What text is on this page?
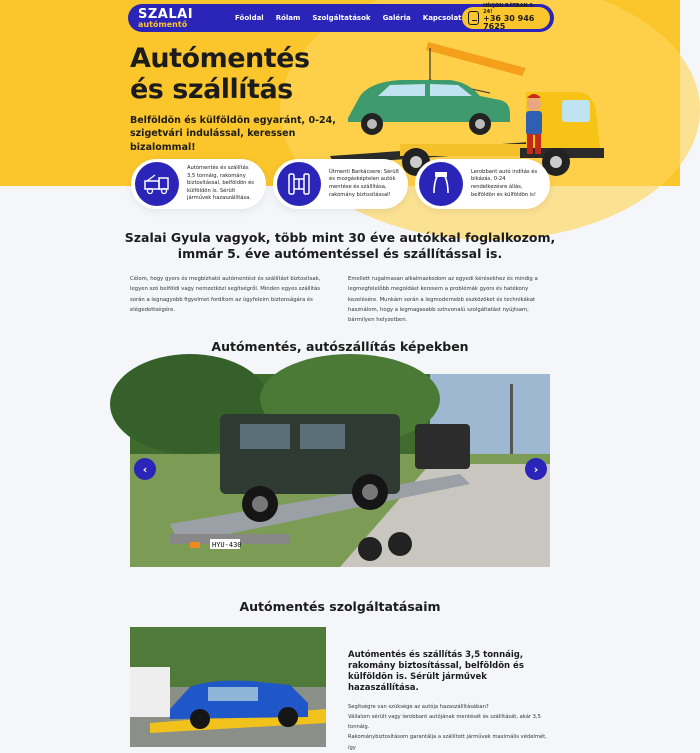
SZALAI
autómentő
Főoldal Rólam Szolgáltatások Galéria Kapcsolat
HÍVJON BÁTRAN 0-24!
+36 30 946 7625
Autómentés
és szállítás
Belföldön és külföldön egyaránt, 0-24, szigetvári indulással, keressen bizalommal!
Autómentés és szállítás 3,5 tonnáig, rakomány biztosítással, belföldön és külföldön is. Sérült járművek hazaszállítása.
Útmenti Barkácsere: Sérült és mozgásképtelen autók mentése és szállítása, rakomány biztosítással!
Lerobbant autó indítás és bikázás, 0-24 rendelkezésre állás, belföldön és külföldön is!
Szalai Gyula vagyok, több mint 30 éve autókkal foglalkozom, immár 5. éve autómentéssel és szállítással is.
Célom, hogy gyors és megbízható autómentést és szállítást biztosítsak, legyen szó belföldi vagy nemzetközi segítségről. Minden egyes szállítás során a legnagyobb figyelmet fordítom az ügyfeleim biztonságára és elégedettségére.
Emellett rugalmasan alkalmazkodom az egyedi kérésekhez és mindig a legmegfelelőbb megoldást keresem a problémák gyors és hatékony kezelésére. Munkám során a legmodernebb eszközöket és technikákat használom, hogy a legmagasabb színvonalú szolgáltatást nyújtsam, bármilyen helyzetben.
Autómentés, autószállítás képekben
HYU-430
‹	›
Autómentés szolgáltatásaim
Autómentés és szállítás 3,5 tonnáig, rakomány biztosítással, belföldön és külföldön is. Sérült járművek hazaszállítása.
Segítségre van szüksége az autója hazaszállításában?
Vállalom sérült vagy lerobbant autójának mentését és szállítását, akár 3,5 tonnáig.
Rakománybiztosításom garantálja a szállított járművek maximális védelmét, így
